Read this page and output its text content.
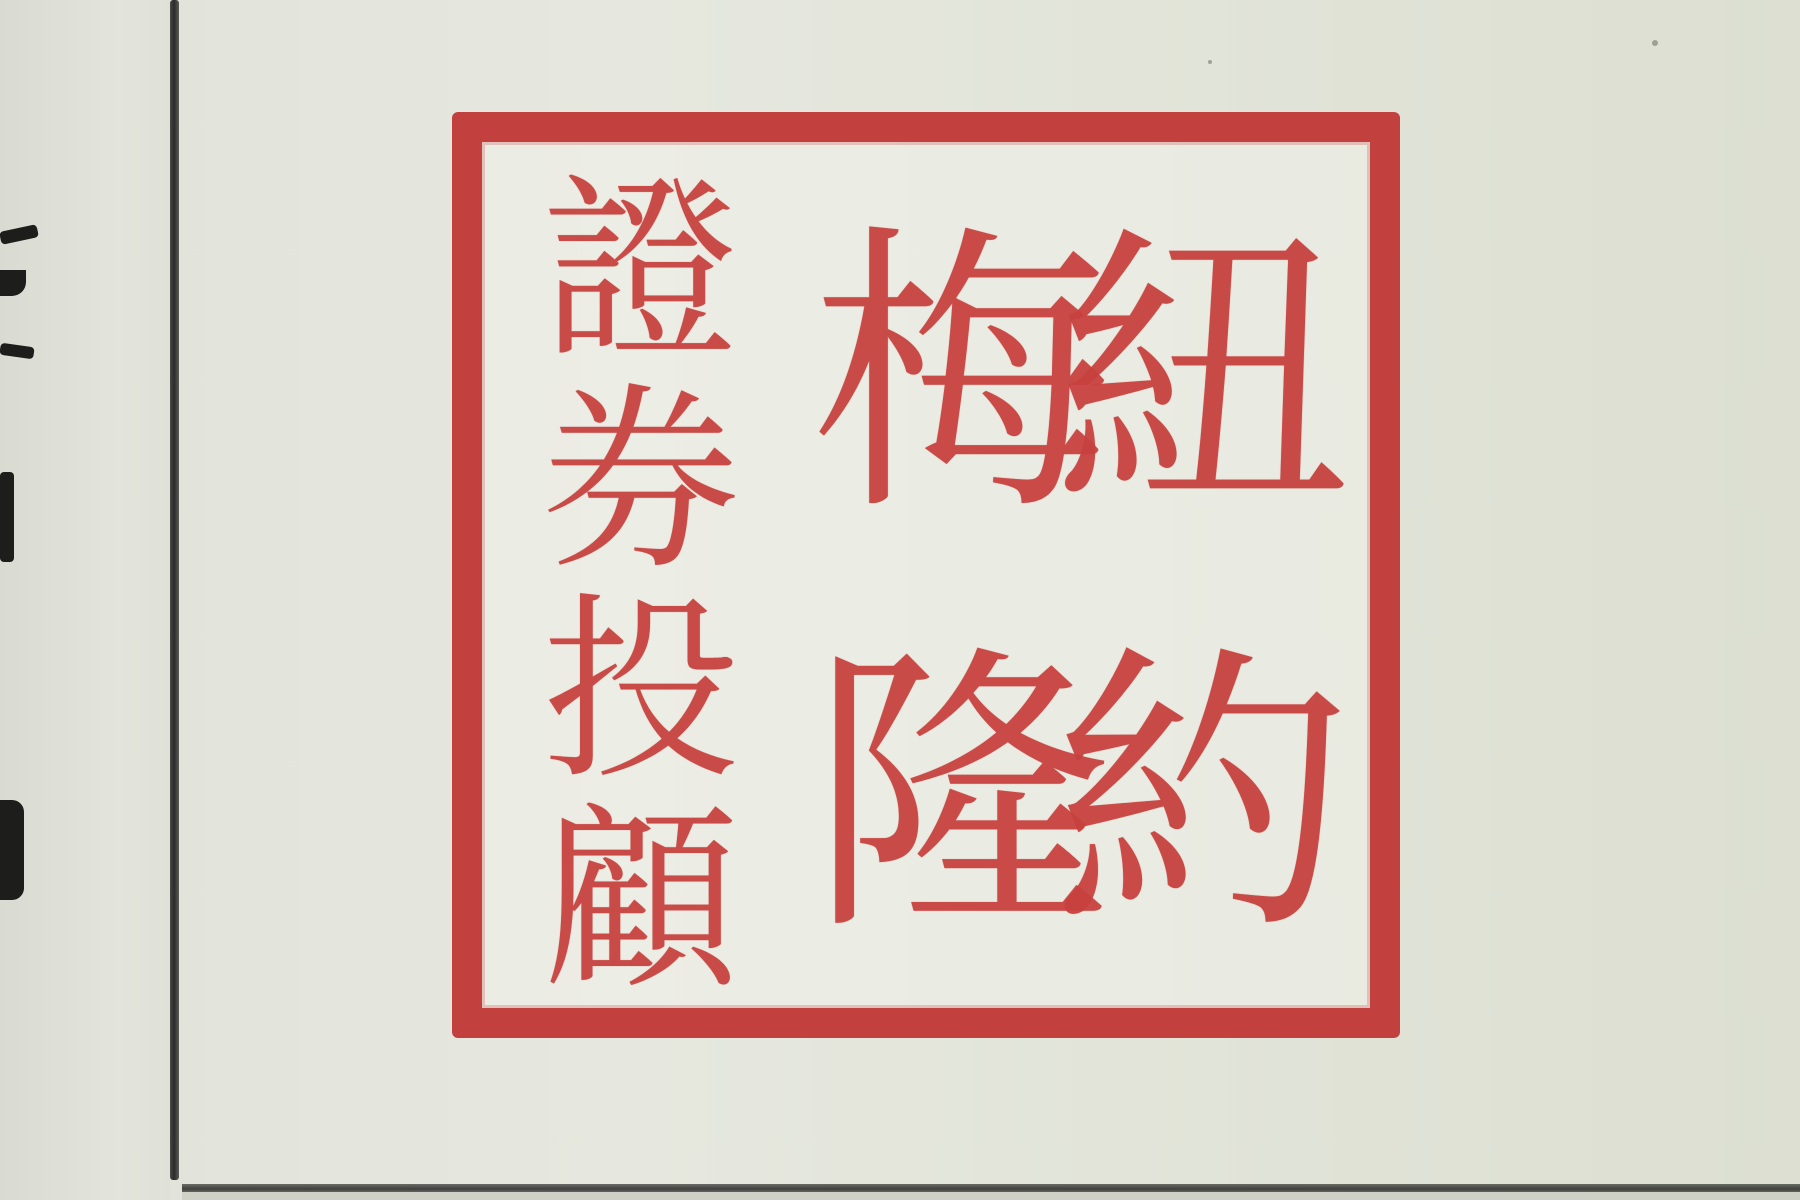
紐
約
梅
隆
證
券
投
顧
